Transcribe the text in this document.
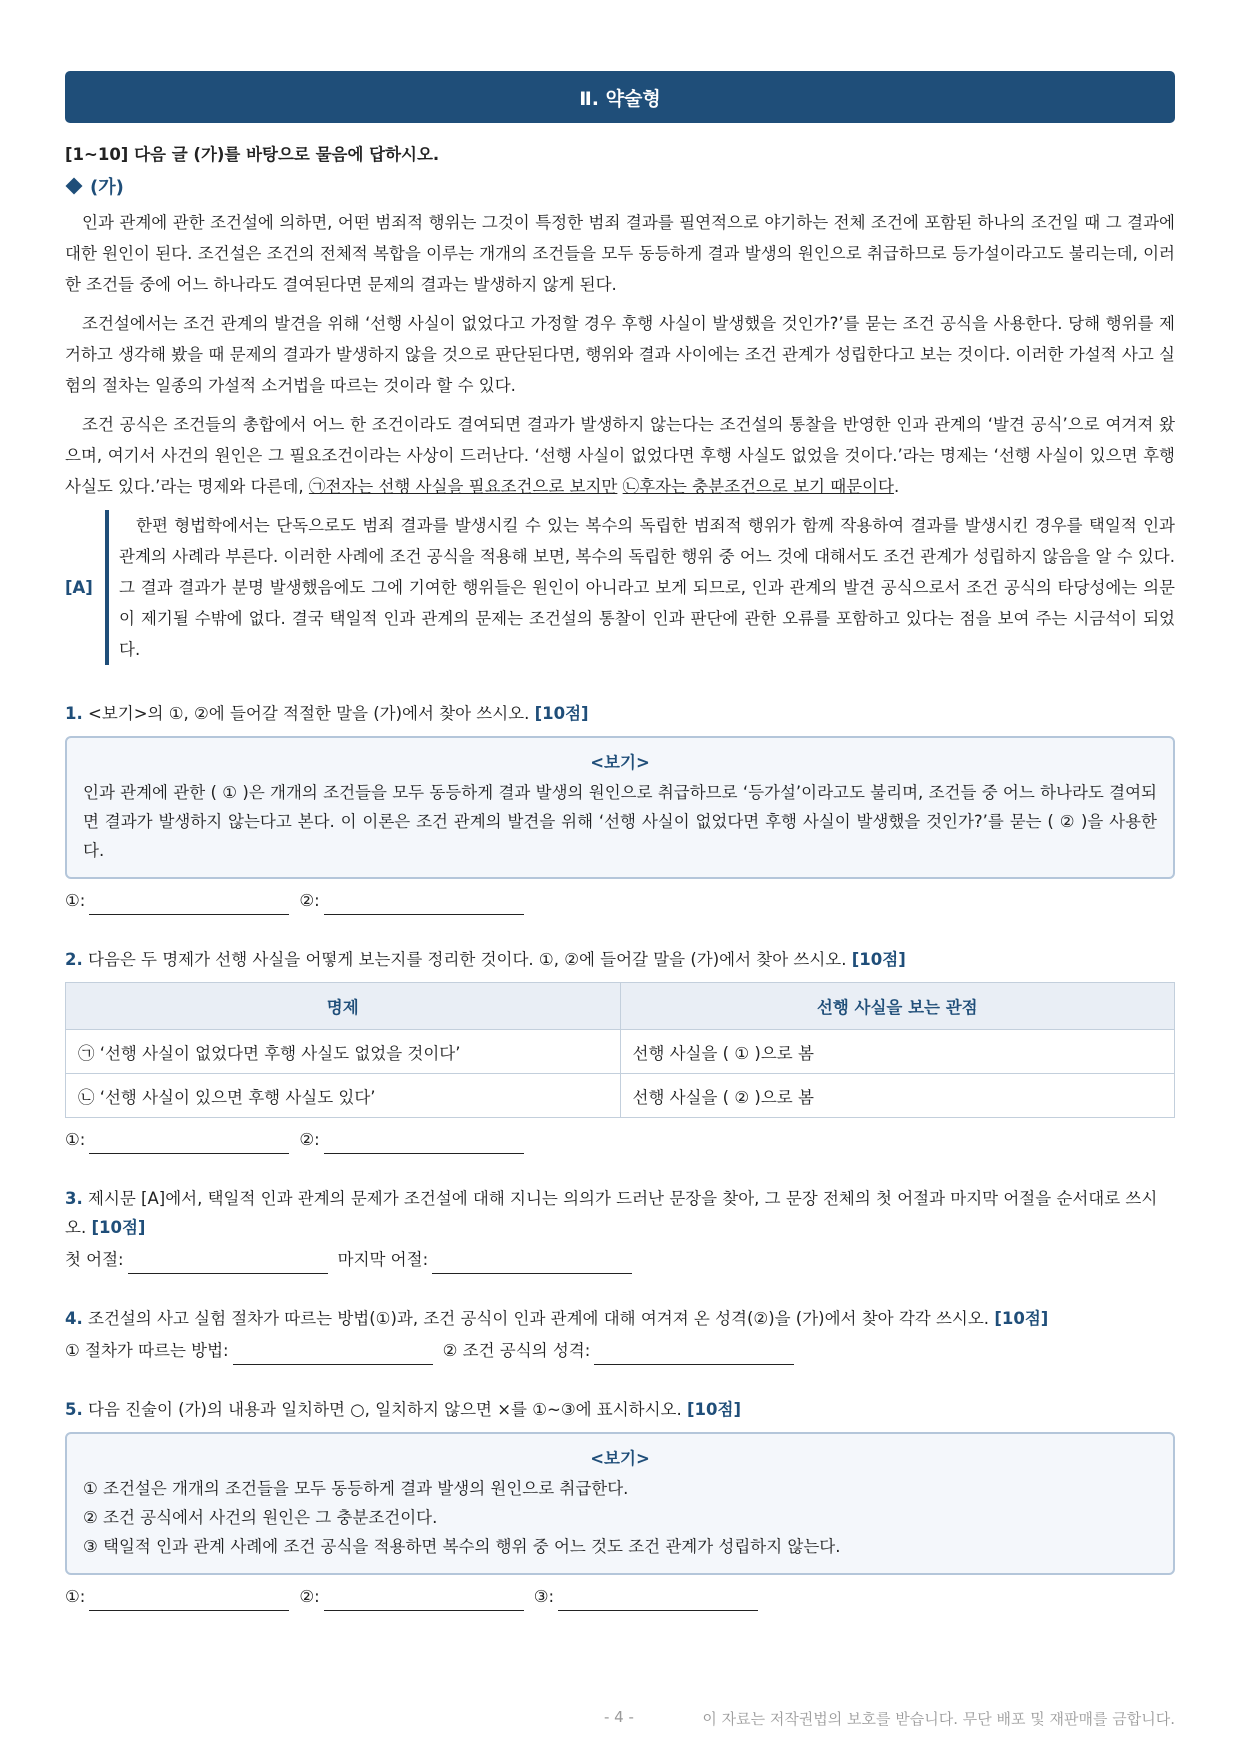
Ⅱ. 약술형
[1~10] 다음 글 (가)를 바탕으로 물음에 답하시오.
(가)

인과 관계에 관한 조건설에 의하면, 어떤 범죄적 행위는 그것이 특정한 범죄 결과를 필연적으로 야기하는 전체 조건에 포함된 하나의 조건일 때 그 결과에 대한 원인이 된다. 조건설은 조건의 전체적 복합을 이루는 개개의 조건들을 모두 동등하게 결과 발생의 원인으로 취급하므로 등가설이라고도 불리는데, 이러한 조건들 중에 어느 하나라도 결여된다면 문제의 결과는 발생하지 않게 된다.

조건설에서는 조건 관계의 발견을 위해 ‘선행 사실이 없었다고 가정할 경우 후행 사실이 발생했을 것인가?’를 묻는 조건 공식을 사용한다. 당해 행위를 제거하고 생각해 봤을 때 문제의 결과가 발생하지 않을 것으로 판단된다면, 행위와 결과 사이에는 조건 관계가 성립한다고 보는 것이다. 이러한 가설적 사고 실험의 절차는 일종의 가설적 소거법을 따르는 것이라 할 수 있다.

조건 공식은 조건들의 총합에서 어느 한 조건이라도 결여되면 결과가 발생하지 않는다는 조건설의 통찰을 반영한 인과 관계의 ‘발견 공식’으로 여겨져 왔으며, 여기서 사건의 원인은 그 필요조건이라는 사상이 드러난다. ‘선행 사실이 없었다면 후행 사실도 없었을 것이다.’라는 명제는 ‘선행 사실이 있으면 후행 사실도 있다.’라는 명제와 다른데, ㉠전자는 선행 사실을 필요조건으로 보지만 ㉡후자는 충분조건으로 보기 때문이다.

[A]
한편 형법학에서는 단독으로도 범죄 결과를 발생시킬 수 있는 복수의 독립한 범죄적 행위가 함께 작용하여 결과를 발생시킨 경우를 택일적 인과 관계의 사례라 부른다. 이러한 사례에 조건 공식을 적용해 보면, 복수의 독립한 행위 중 어느 것에 대해서도 조건 관계가 성립하지 않음을 알 수 있다. 그 결과 결과가 분명 발생했음에도 그에 기여한 행위들은 원인이 아니라고 보게 되므로, 인과 관계의 발견 공식으로서 조건 공식의 타당성에는 의문이 제기될 수밖에 없다. 결국 택일적 인과 관계의 문제는 조건설의 통찰이 인과 판단에 관한 오류를 포함하고 있다는 점을 보여 주는 시금석이 되었다.
1. <보기>의 ①, ②에 들어갈 적절한 말을 (가)에서 찾아 쓰시오. [10점]
<보기>
인과 관계에 관한 ( ① )은 개개의 조건들을 모두 동등하게 결과 발생의 원인으로 취급하므로 ‘등가설’이라고도 불리며, 조건들 중 어느 하나라도 결여되면 결과가 발생하지 않는다고 본다. 이 이론은 조건 관계의 발견을 위해 ‘선행 사실이 없었다면 후행 사실이 발생했을 것인가?’를 묻는 ( ② )을 사용한다.
①:	②:
2. 다음은 두 명제가 선행 사실을 어떻게 보는지를 정리한 것이다. ①, ②에 들어갈 말을 (가)에서 찾아 쓰시오. [10점]
명제	선행 사실을 보는 관점
㉠ ‘선행 사실이 없었다면 후행 사실도 없었을 것이다’	선행 사실을 ( ① )으로 봄
㉡ ‘선행 사실이 있으면 후행 사실도 있다’	선행 사실을 ( ② )으로 봄
①:	②:
3. 제시문 [A]에서, 택일적 인과 관계의 문제가 조건설에 대해 지니는 의의가 드러난 문장을 찾아, 그 문장 전체의 첫 어절과 마지막 어절을 순서대로 쓰시오. [10점]
첫 어절:	마지막 어절:
4. 조건설의 사고 실험 절차가 따르는 방법(①)과, 조건 공식이 인과 관계에 대해 여겨져 온 성격(②)을 (가)에서 찾아 각각 쓰시오. [10점]
① 절차가 따르는 방법:	② 조건 공식의 성격:
5. 다음 진술이 (가)의 내용과 일치하면 ○, 일치하지 않으면 ×를 ①~③에 표시하시오. [10점]
<보기>
① 조건설은 개개의 조건들을 모두 동등하게 결과 발생의 원인으로 취급한다.
② 조건 공식에서 사건의 원인은 그 충분조건이다.
③ 택일적 인과 관계 사례에 조건 공식을 적용하면 복수의 행위 중 어느 것도 조건 관계가 성립하지 않는다.
①:	②:	③:
- 4 -	이 자료는 저작권법의 보호를 받습니다. 무단 배포 및 재판매를 금합니다.
